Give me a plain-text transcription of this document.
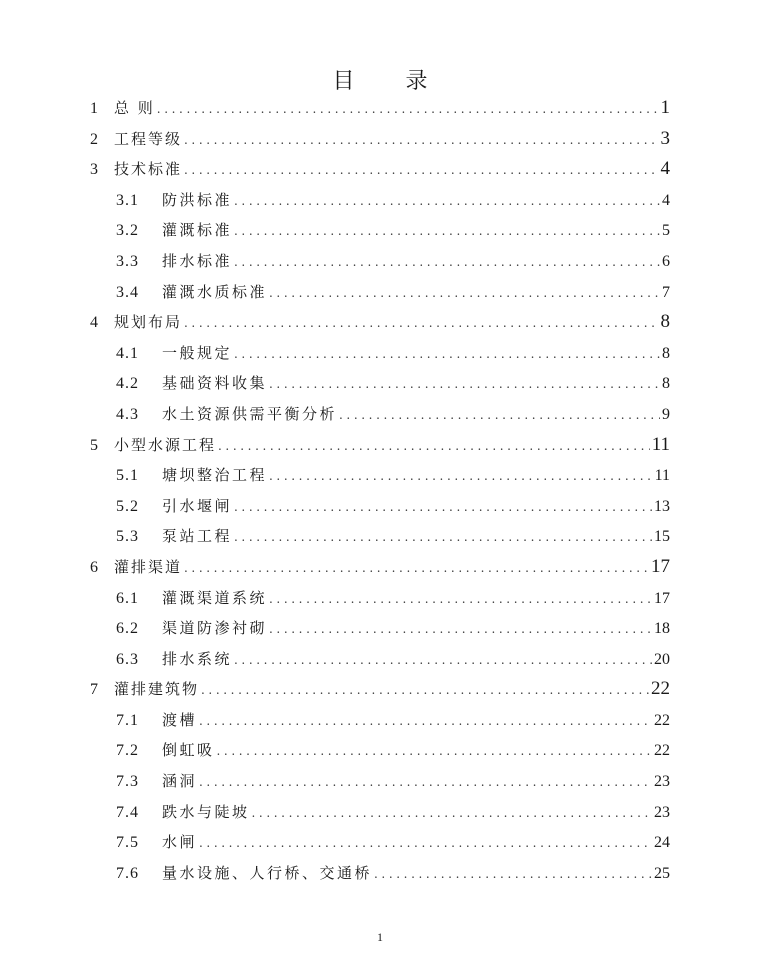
目 录
1	总 则 .....	1
2	工程等级 .....	3
3	技术标准 .....	4
3.1	防洪标准 .....	4
3.2	灌溉标准 .....	5
3.3	排水标准 .....	6
3.4	灌溉水质标准 .....	7
4	规划布局 .....	8
4.1	一般规定 .....	8
4.2	基础资料收集 .....	8
4.3	水土资源供需平衡分析 .....	9
5	小型水源工程 .....	11
5.1	塘坝整治工程 .....	11
5.2	引水堰闸 .....	13
5.3	泵站工程 .....	15
6	灌排渠道 .....	17
6.1	灌溉渠道系统 .....	17
6.2	渠道防渗衬砌 .....	18
6.3	排水系统 .....	20
7	灌排建筑物 .....	22
7.1	渡槽 .....	22
7.2	倒虹吸 .....	22
7.3	涵洞 .....	23
7.4	跌水与陡坡 .....	23
7.5	水闸 .....	24
7.6	量水设施、人行桥、交通桥 .....	25
1
